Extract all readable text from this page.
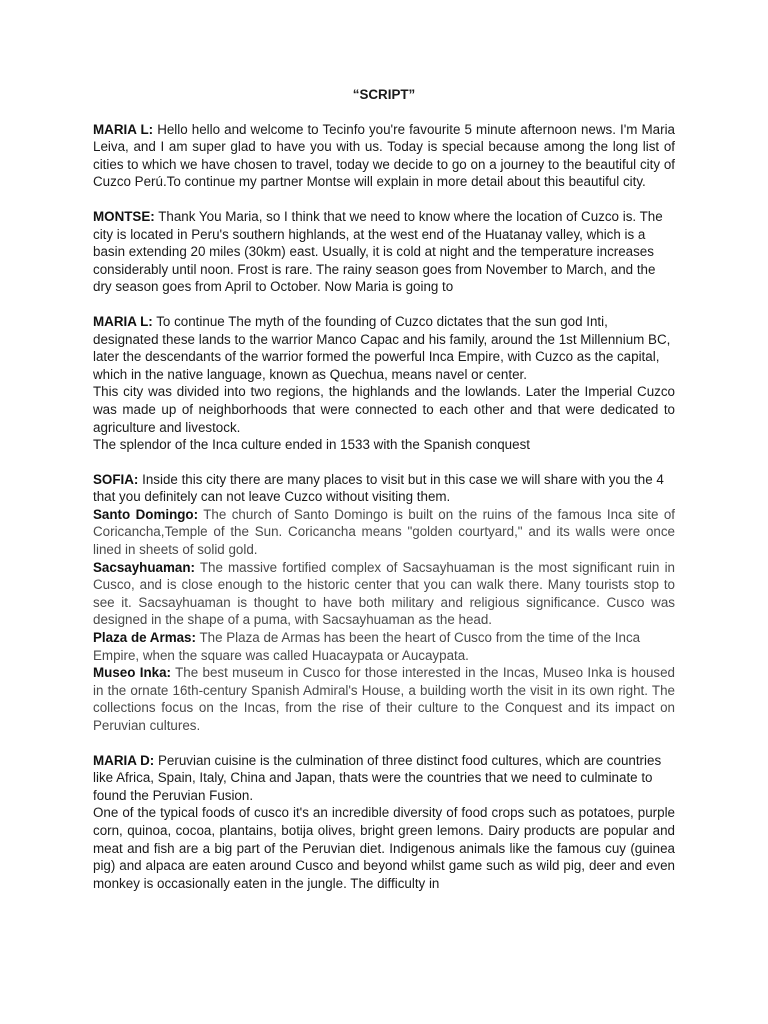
“SCRIPT”

MARIA L: Hello hello and welcome to Tecinfo you're favourite 5 minute afternoon news. I'm Maria Leiva, and I am super glad to have you with us. Today is special because among the long list of cities to which we have chosen to travel, today we decide to go on a journey to the beautiful city of Cuzco Perú.To continue my partner Montse will explain in more detail about this beautiful city.

MONTSE: Thank You Maria, so I think that we need to know where the location of Cuzco is. The city is located in Peru's southern highlands, at the west end of the Huatanay valley, which is a basin extending 20 miles (30km) east. Usually, it is cold at night and the temperature increases considerably until noon. Frost is rare. The rainy season goes from November to March, and the dry season goes from April to October. Now Maria is going to

MARIA L: To continue The myth of the founding of Cuzco dictates that the sun god Inti, designated these lands to the warrior Manco Capac and his family, around the 1st Millennium BC, later the descendants of the warrior formed the powerful Inca Empire, with Cuzco as the capital, which in the native language, known as Quechua, means navel or center.

This city was divided into two regions, the highlands and the lowlands. Later the Imperial Cuzco was made up of neighborhoods that were connected to each other and that were dedicated to agriculture and livestock.

The splendor of the Inca culture ended in 1533 with the Spanish conquest

SOFIA: Inside this city there are many places to visit but in this case we will share with you the 4 that you definitely can not leave Cuzco without visiting them.

Santo Domingo: The church of Santo Domingo is built on the ruins of the famous Inca site of Coricancha,Temple of the Sun. Coricancha means "golden courtyard," and its walls were once lined in sheets of solid gold.

Sacsayhuaman: The massive fortified complex of Sacsayhuaman is the most significant ruin in Cusco, and is close enough to the historic center that you can walk there. Many tourists stop to see it. Sacsayhuaman is thought to have both military and religious significance. Cusco was designed in the shape of a puma, with Sacsayhuaman as the head.

Plaza de Armas: The Plaza de Armas has been the heart of Cusco from the time of the Inca Empire, when the square was called Huacaypata or Aucaypata.

Museo Inka: The best museum in Cusco for those interested in the Incas, Museo Inka is housed in the ornate 16th-century Spanish Admiral's House, a building worth the visit in its own right. The collections focus on the Incas, from the rise of their culture to the Conquest and its impact on Peruvian cultures.

MARIA D: Peruvian cuisine is the culmination of three distinct food cultures, which are countries like Africa, Spain, Italy, China and Japan, thats were the countries that we need to culminate to found the Peruvian Fusion.

One of the typical foods of cusco it's an incredible diversity of food crops such as potatoes, purple corn, quinoa, cocoa, plantains, botija olives, bright green lemons. Dairy products are popular and meat and fish are a big part of the Peruvian diet. Indigenous animals like the famous cuy (guinea pig) and alpaca are eaten around Cusco and beyond whilst game such as wild pig, deer and even monkey is occasionally eaten in the jungle. The difficulty in
